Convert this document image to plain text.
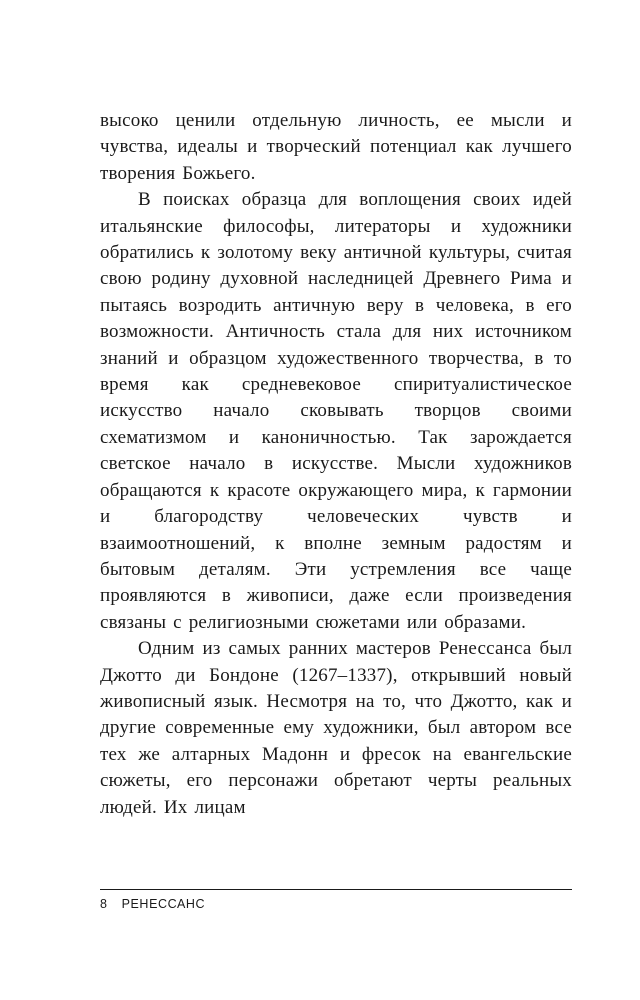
высоко ценили отдельную личность, ее мысли и чувства, идеалы и творческий потенциал как лучшего творения Божьего.

В поисках образца для воплощения своих идей итальянские философы, литераторы и художники обратились к золотому веку античной культуры, считая свою родину духовной наследницей Древнего Рима и пытаясь возродить античную веру в человека, в его возможности. Античность стала для них источником знаний и образцом художественного творчества, в то время как средневековое спиритуалистическое искусство начало сковывать творцов своими схематизмом и каноничностью. Так зарождается светское начало в искусстве. Мысли художников обращаются к красоте окружающего мира, к гармонии и благородству человеческих чувств и взаимоотношений, к вполне земным радостям и бытовым деталям. Эти устремления все чаще проявляются в живописи, даже если произведения связаны с религиозными сюжетами или образами.

Одним из самых ранних мастеров Ренессанса был Джотто ди Бондоне (1267–1337), открывший новый живописный язык. Несмотря на то, что Джотто, как и другие современные ему художники, был автором все тех же алтарных Мадонн и фресок на евангельские сюжеты, его персонажи обретают черты реальных людей. Их лицам

8 РЕНЕССАНС
